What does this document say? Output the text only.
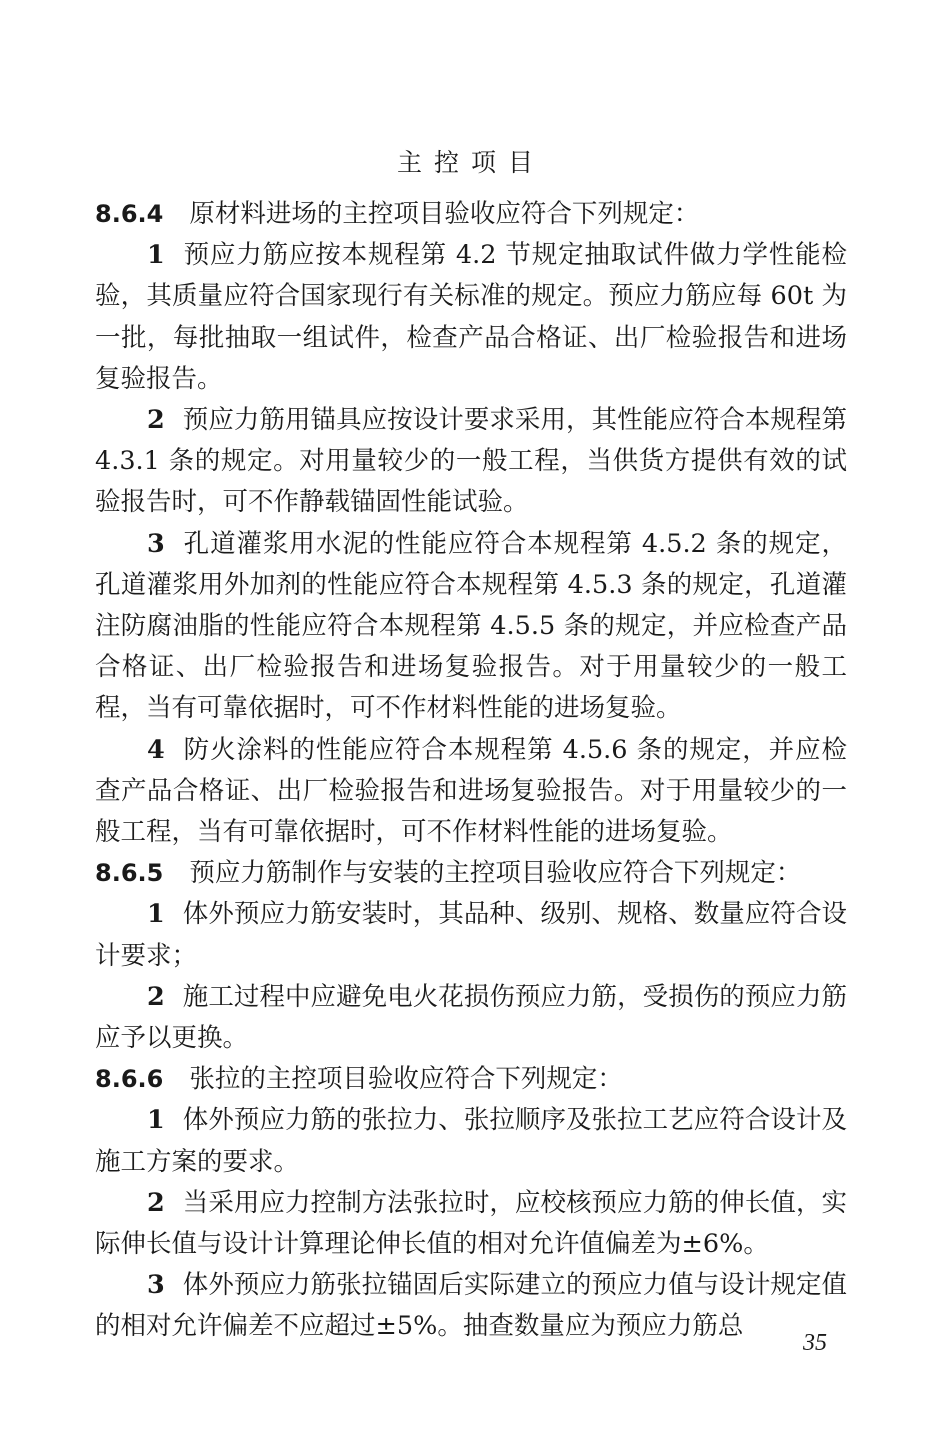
主控项目

8.6.4 原材料进场的主控项目验收应符合下列规定：

1 预应力筋应按本规程第 4.2 节规定抽取试件做力学性能检验，其质量应符合国家现行有关标准的规定。预应力筋应每 60t 为一批，每批抽取一组试件，检查产品合格证、出厂检验报告和进场复验报告。

2 预应力筋用锚具应按设计要求采用，其性能应符合本规程第 4.3.1 条的规定。对用量较少的一般工程，当供货方提供有效的试验报告时，可不作静载锚固性能试验。

3 孔道灌浆用水泥的性能应符合本规程第 4.5.2 条的规定，孔道灌浆用外加剂的性能应符合本规程第 4.5.3 条的规定，孔道灌注防腐油脂的性能应符合本规程第 4.5.5 条的规定，并应检查产品合格证、出厂检验报告和进场复验报告。对于用量较少的一般工程，当有可靠依据时，可不作材料性能的进场复验。

4 防火涂料的性能应符合本规程第 4.5.6 条的规定，并应检查产品合格证、出厂检验报告和进场复验报告。对于用量较少的一般工程，当有可靠依据时，可不作材料性能的进场复验。

8.6.5 预应力筋制作与安装的主控项目验收应符合下列规定：

1 体外预应力筋安装时，其品种、级别、规格、数量应符合设计要求；

2 施工过程中应避免电火花损伤预应力筋，受损伤的预应力筋应予以更换。

8.6.6 张拉的主控项目验收应符合下列规定：

1 体外预应力筋的张拉力、张拉顺序及张拉工艺应符合设计及施工方案的要求。

2 当采用应力控制方法张拉时，应校核预应力筋的伸长值，实际伸长值与设计计算理论伸长值的相对允许值偏差为±6%。

3 体外预应力筋张拉锚固后实际建立的预应力值与设计规定值的相对允许偏差不应超过±5%。抽查数量应为预应力筋总

35
